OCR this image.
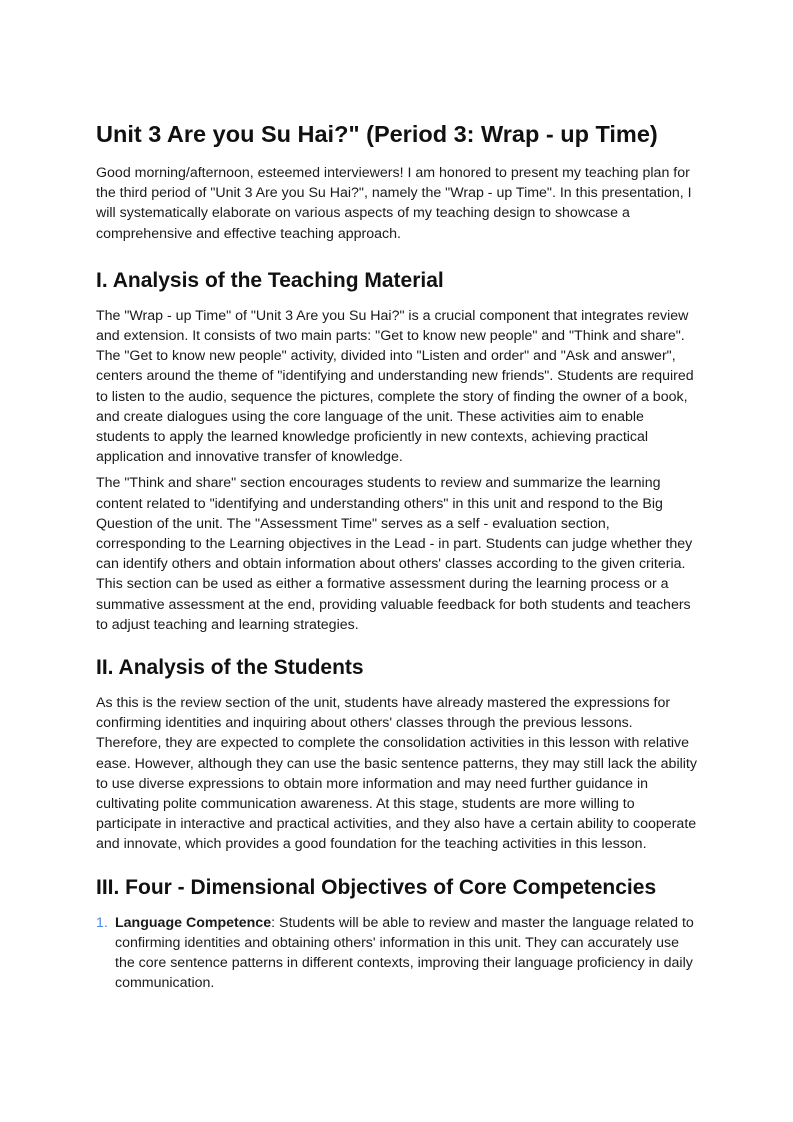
Unit 3 Are you Su Hai?" (Period 3: Wrap - up Time)

Good morning/afternoon, esteemed interviewers! I am honored to present my teaching plan for the third period of "Unit 3 Are you Su Hai?", namely the "Wrap - up Time". In this presentation, I will systematically elaborate on various aspects of my teaching design to showcase a comprehensive and effective teaching approach.

I. Analysis of the Teaching Material

The "Wrap - up Time" of "Unit 3 Are you Su Hai?" is a crucial component that integrates review and extension. It consists of two main parts: "Get to know new people" and "Think and share". The "Get to know new people" activity, divided into "Listen and order" and "Ask and answer", centers around the theme of "identifying and understanding new friends". Students are required to listen to the audio, sequence the pictures, complete the story of finding the owner of a book, and create dialogues using the core language of the unit. These activities aim to enable students to apply the learned knowledge proficiently in new contexts, achieving practical application and innovative transfer of knowledge.

The "Think and share" section encourages students to review and summarize the learning content related to "identifying and understanding others" in this unit and respond to the Big Question of the unit. The "Assessment Time" serves as a self - evaluation section, corresponding to the Learning objectives in the Lead - in part. Students can judge whether they can identify others and obtain information about others' classes according to the given criteria. This section can be used as either a formative assessment during the learning process or a summative assessment at the end, providing valuable feedback for both students and teachers to adjust teaching and learning strategies.

II. Analysis of the Students

As this is the review section of the unit, students have already mastered the expressions for confirming identities and inquiring about others' classes through the previous lessons. Therefore, they are expected to complete the consolidation activities in this lesson with relative ease. However, although they can use the basic sentence patterns, they may still lack the ability to use diverse expressions to obtain more information and may need further guidance in cultivating polite communication awareness. At this stage, students are more willing to participate in interactive and practical activities, and they also have a certain ability to cooperate and innovate, which provides a good foundation for the teaching activities in this lesson.

III. Four - Dimensional Objectives of Core Competencies
1. Language Competence: Students will be able to review and master the language related to confirming identities and obtaining others' information in this unit. They can accurately use the core sentence patterns in different contexts, improving their language proficiency in daily communication.
